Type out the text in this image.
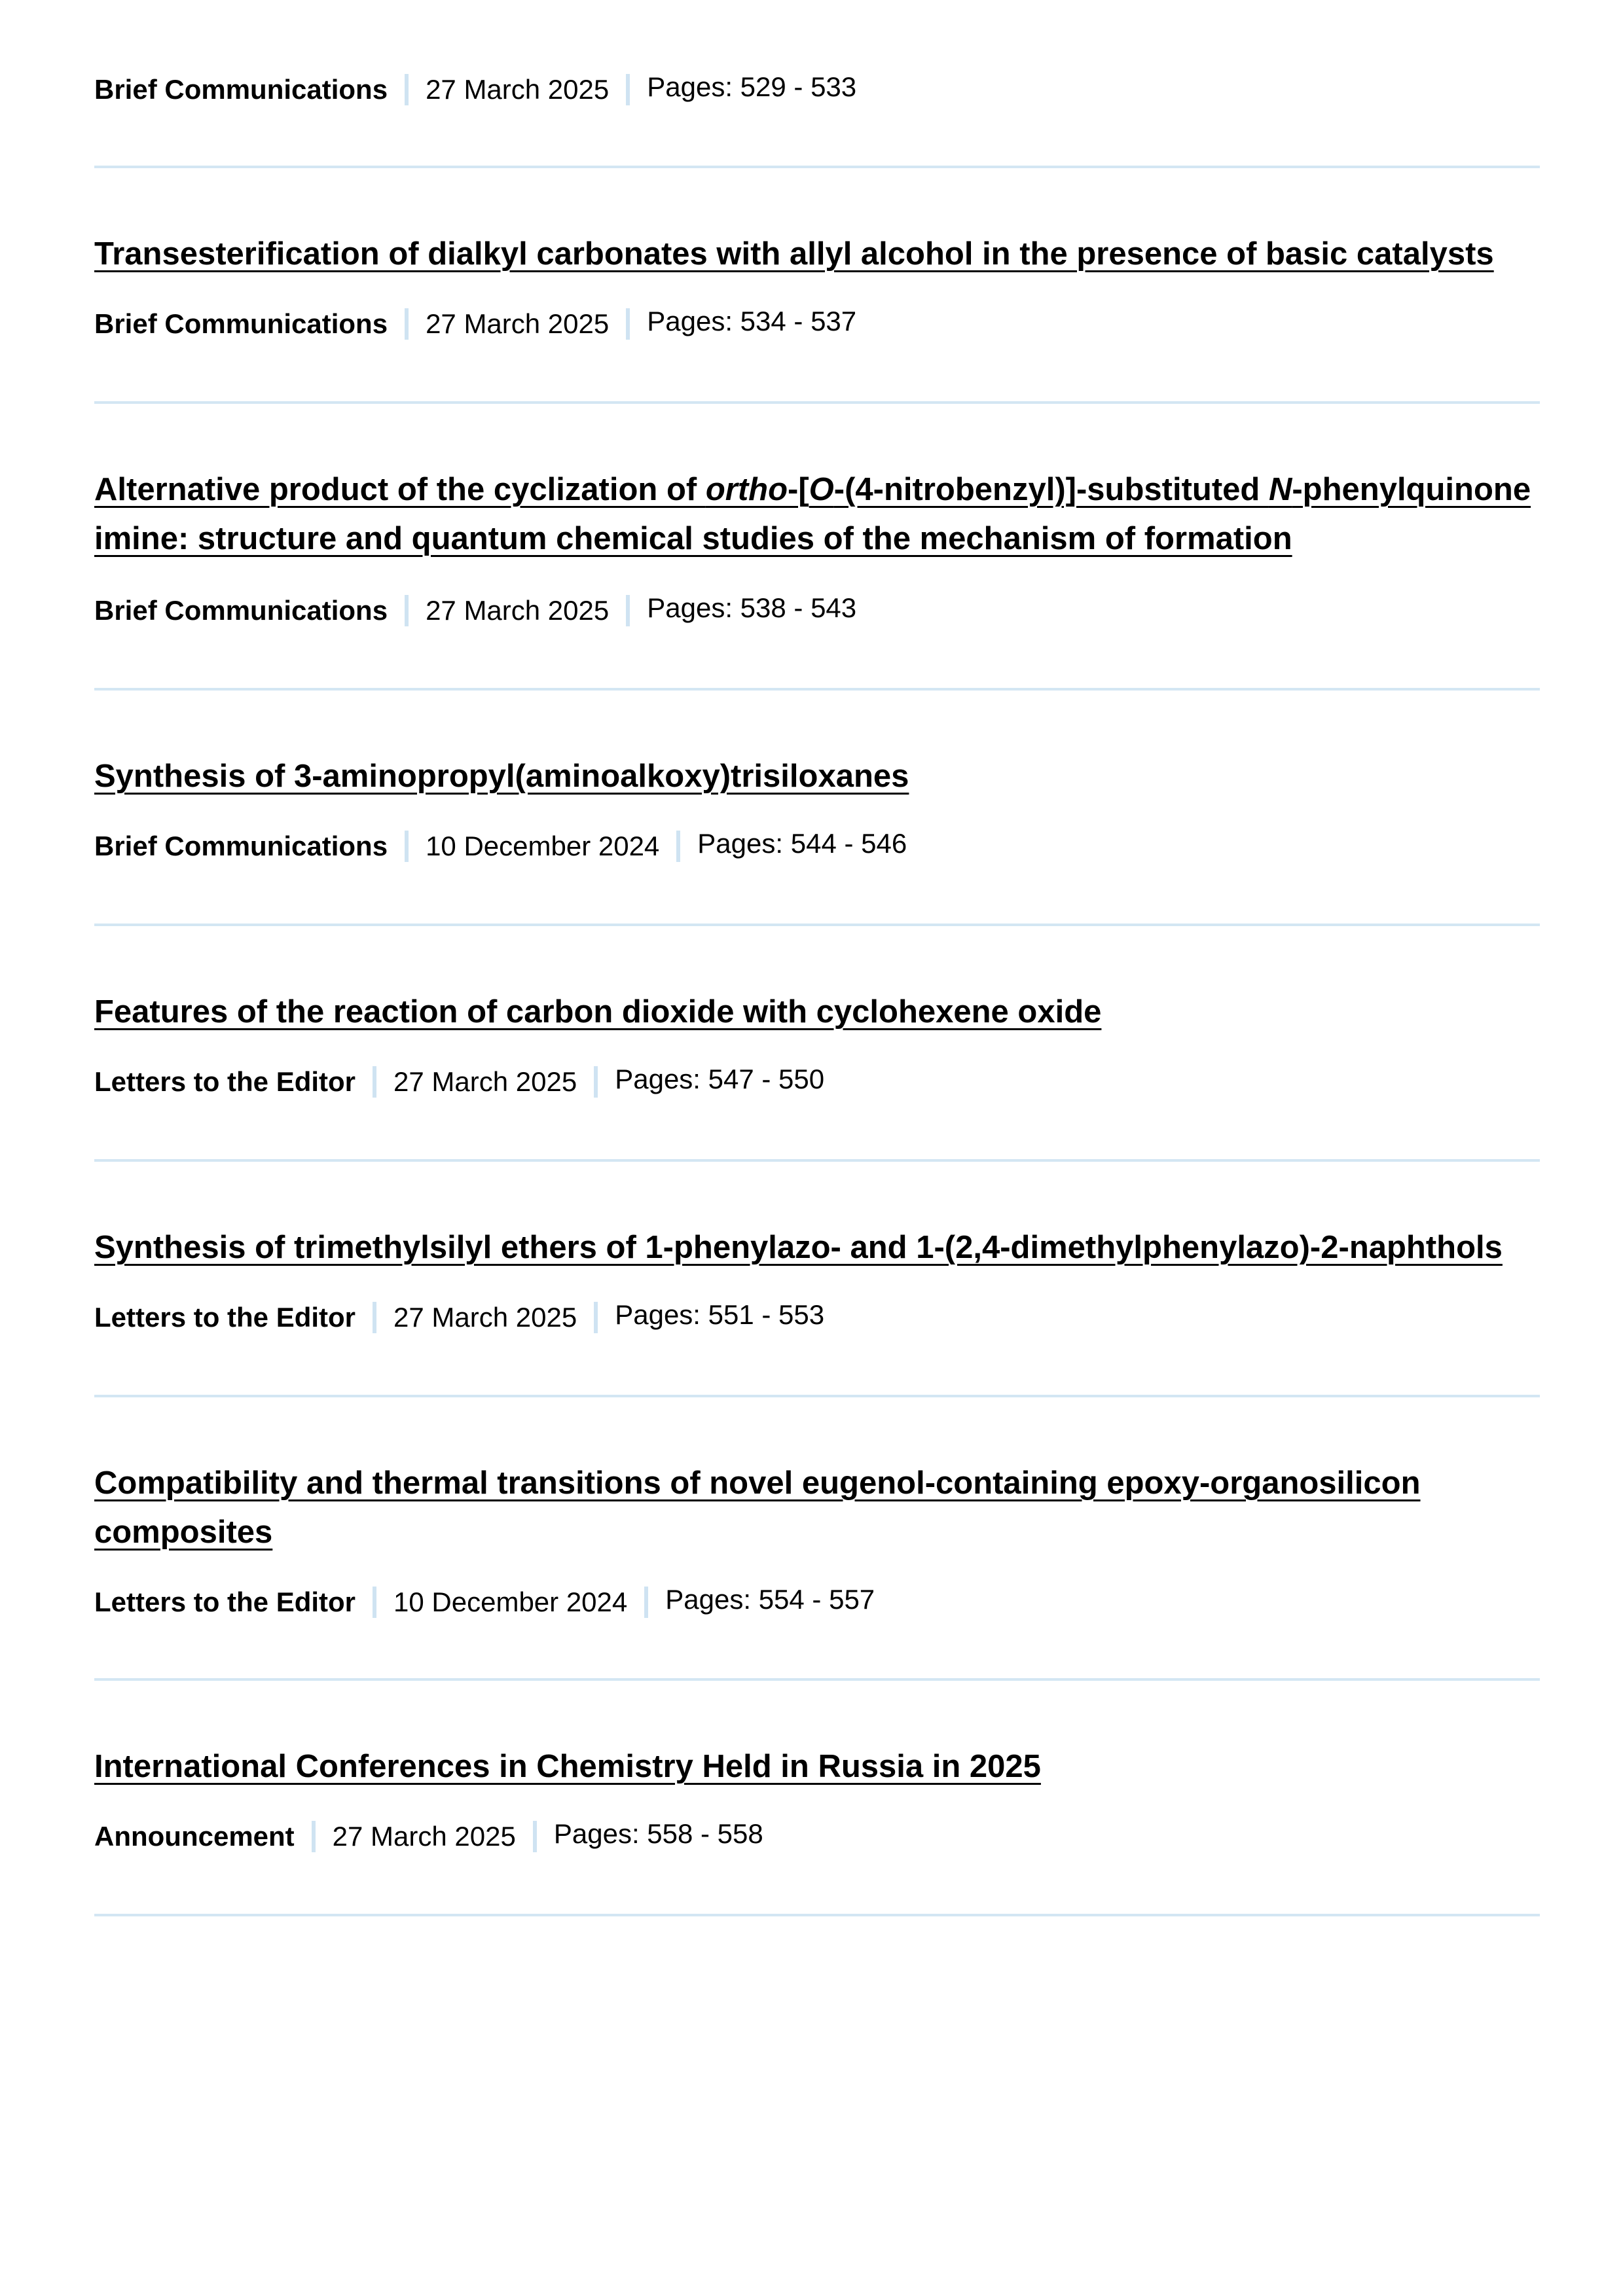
Brief Communications 27 March 2025 Pages: 529 - 533
Transesterification of dialkyl carbonates with allyl alcohol in the presence of basic catalysts
Brief Communications 27 March 2025 Pages: 534 - 537
Alternative product of the cyclization of ortho-[O-(4-nitrobenzyl)]-substituted N-phenylquinone imine: structure and quantum chemical studies of the mechanism of formation
Brief Communications 27 March 2025 Pages: 538 - 543
Synthesis of 3-aminopropyl(aminoalkoxy)trisiloxanes
Brief Communications 10 December 2024 Pages: 544 - 546
Features of the reaction of carbon dioxide with cyclohexene oxide
Letters to the Editor 27 March 2025 Pages: 547 - 550
Synthesis of trimethylsilyl ethers of 1-phenylazo- and 1-(2,4-dimethylphenylazo)-2-naphthols
Letters to the Editor 27 March 2025 Pages: 551 - 553
Compatibility and thermal transitions of novel eugenol-containing epoxy-organosilicon composites
Letters to the Editor 10 December 2024 Pages: 554 - 557
International Conferences in Chemistry Held in Russia in 2025
Announcement 27 March 2025 Pages: 558 - 558
